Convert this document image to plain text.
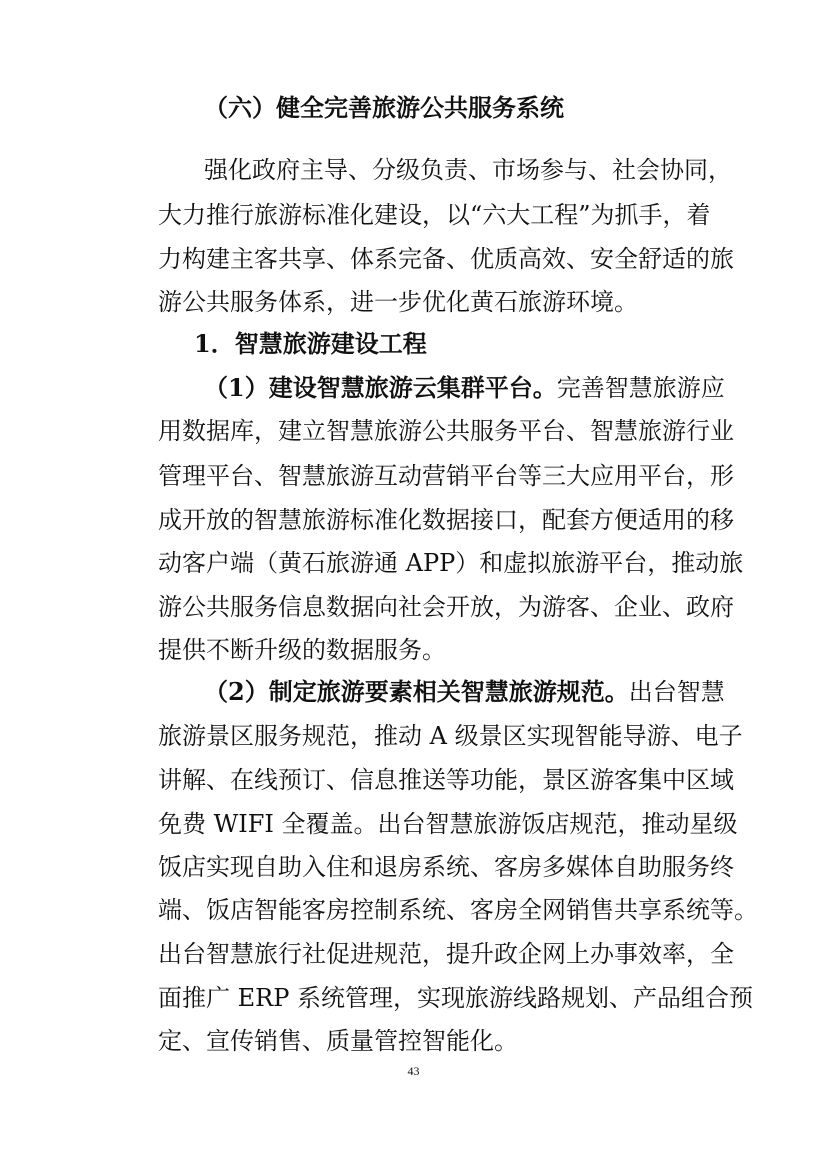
（六）健全完善旅游公共服务系统
强化政府主导、分级负责、市场参与、社会协同，
大力推行旅游标准化建设，以“六大工程”为抓手，着
力构建主客共享、体系完备、优质高效、安全舒适的旅
游公共服务体系，进一步优化黄石旅游环境。
1．智慧旅游建设工程
（1）建设智慧旅游云集群平台。完善智慧旅游应
用数据库，建立智慧旅游公共服务平台、智慧旅游行业
管理平台、智慧旅游互动营销平台等三大应用平台，形
成开放的智慧旅游标准化数据接口，配套方便适用的移
动客户端（黄石旅游通 APP）和虚拟旅游平台，推动旅
游公共服务信息数据向社会开放，为游客、企业、政府
提供不断升级的数据服务。
（2）制定旅游要素相关智慧旅游规范。出台智慧
旅游景区服务规范，推动 A 级景区实现智能导游、电子
讲解、在线预订、信息推送等功能，景区游客集中区域
免费 WIFI 全覆盖。出台智慧旅游饭店规范，推动星级
饭店实现自助入住和退房系统、客房多媒体自助服务终
端、饭店智能客房控制系统、客房全网销售共享系统等。
出台智慧旅行社促进规范，提升政企网上办事效率，全
面推广 ERP 系统管理，实现旅游线路规划、产品组合预
定、宣传销售、质量管控智能化。
43
